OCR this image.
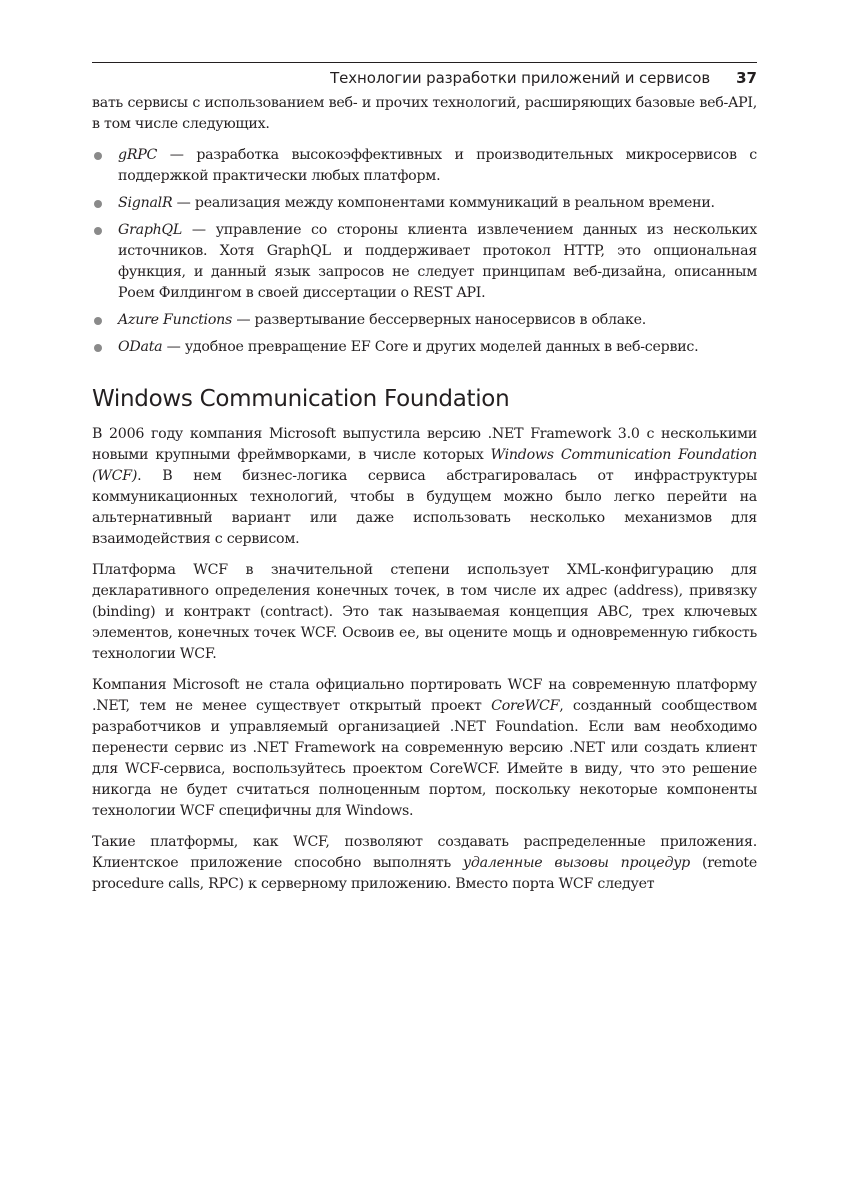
Технологии разработки приложений и сервисов 37

вать сервисы с использованием веб- и прочих технологий, расширяющих базовые веб-API, в том числе следующих.

gRPC — разработка высокоэффективных и производительных микросервисов с поддержкой практически любых платформ.
SignalR — реализация между компонентами коммуникаций в реальном времени.
GraphQL — управление со стороны клиента извлечением данных из нескольких источников. Хотя GraphQL и поддерживает протокол HTTP, это опциональная функция, и данный язык запросов не следует принципам веб-дизайна, описанным Роем Филдингом в своей диссертации о REST API.
Azure Functions — развертывание бессерверных наносервисов в облаке.
OData — удобное превращение EF Core и других моделей данных в веб-сервис.
Windows Communication Foundation

В 2006 году компания Microsoft выпустила версию .NET Framework 3.0 с несколькими новыми крупными фреймворками, в числе которых Windows Communication Foundation (WCF). В нем бизнес-логика сервиса абстрагировалась от инфраструктуры коммуникационных технологий, чтобы в будущем можно было легко перейти на альтернативный вариант или даже использовать несколько механизмов для взаимодействия с сервисом.

Платформа WCF в значительной степени использует XML-конфигурацию для декларативного определения конечных точек, в том числе их адрес (address), привязку (binding) и контракт (contract). Это так называемая концепция ABC, трех ключевых элементов, конечных точек WCF. Освоив ее, вы оцените мощь и одновременную гибкость технологии WCF.

Компания Microsoft не стала официально портировать WCF на современную платформу .NET, тем не менее существует открытый проект CoreWCF, созданный сообществом разработчиков и управляемый организацией .NET Foundation. Если вам необходимо перенести сервис из .NET Framework на современную версию .NET или создать клиент для WCF-сервиса, воспользуйтесь проектом CoreWCF. Имейте в виду, что это решение никогда не будет считаться полноценным портом, поскольку некоторые компоненты технологии WCF специфичны для Windows.

Такие платформы, как WCF, позволяют создавать распределенные приложения. Клиентское приложение способно выполнять удаленные вызовы процедур (remote procedure calls, RPC) к серверному приложению. Вместо порта WCF следует
